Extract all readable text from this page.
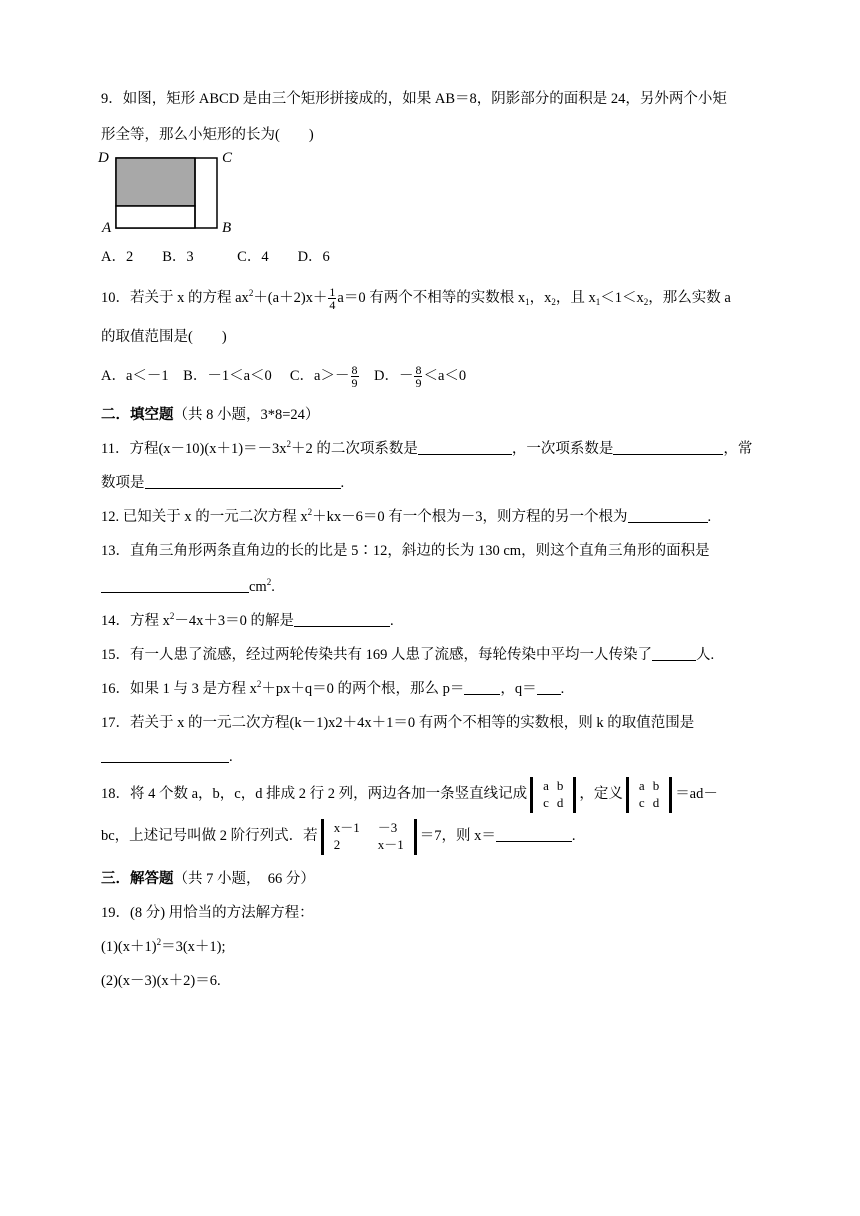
9．如图，矩形 ABCD 是由三个矩形拼接成的，如果 AB＝8，阴影部分的面积是 24，另外两个小矩
形全等，那么小矩形的长为(　　)
D	C
A	B
A．2　　B．3　　　C．4　　D．6
10．若关于 x 的方程 $ax^2+(a+2)x+ \frac{1}{4} a=0$ 有两个不相等的实数根 $x_1$，$x_2$，且 $x_1<1<x_2$，那么实数 a
的取值范围是(　　)
A．a＜－1　B．－1＜a＜0　 C．$a>- \frac{8}{9}$ 　D．－ $\frac{8}{9} <a<0$
二．填空题（共 8 小题，3*8=24）
11．方程$(x-10)(x+1)=-3x^2+2$ 的二次项系数是	，一次项系数是	，常
数项是	.
12. 已知关于 x 的一元二次方程 $x^2+kx-6=0$ 有一个根为－3，则方程的另一个根为	.
13．直角三角形两条直角边的长的比是 5∶12，斜边的长为 130 cm，则这个直角三角形的面积是
$cm^2$.
14．方程 $x^2-4x+3=0$ 的解是	.
15．有一人患了流感，经过两轮传染共有 169 人患了流感，每轮传染中平均一人传染了	人.
16．如果 1 与 3 是方程 $x^2+px+q=0$ 的两个根，那么 p＝ ，q＝ .
17．若关于 x 的一元二次方程(k－1)x2＋4x＋1＝0 有两个不相等的实数根，则 k 的取值范围是
.
18．将 4 个数 a，b，c，d 排成 2 行 2 列，两边各加一条竖直线记成
a	b
c	d
，定义
a	b
c	d
＝ad－
bc，上述记号叫做 2 阶行列式．若
x－1	－3
2	x－1
＝7，则 x＝	.
三．解答题（共 7 小题，　66 分）
19．(8 分) 用恰当的方法解方程：
$(1)(x+1)^2=3(x+1)$;
(2)(x－3)(x＋2)＝6.
